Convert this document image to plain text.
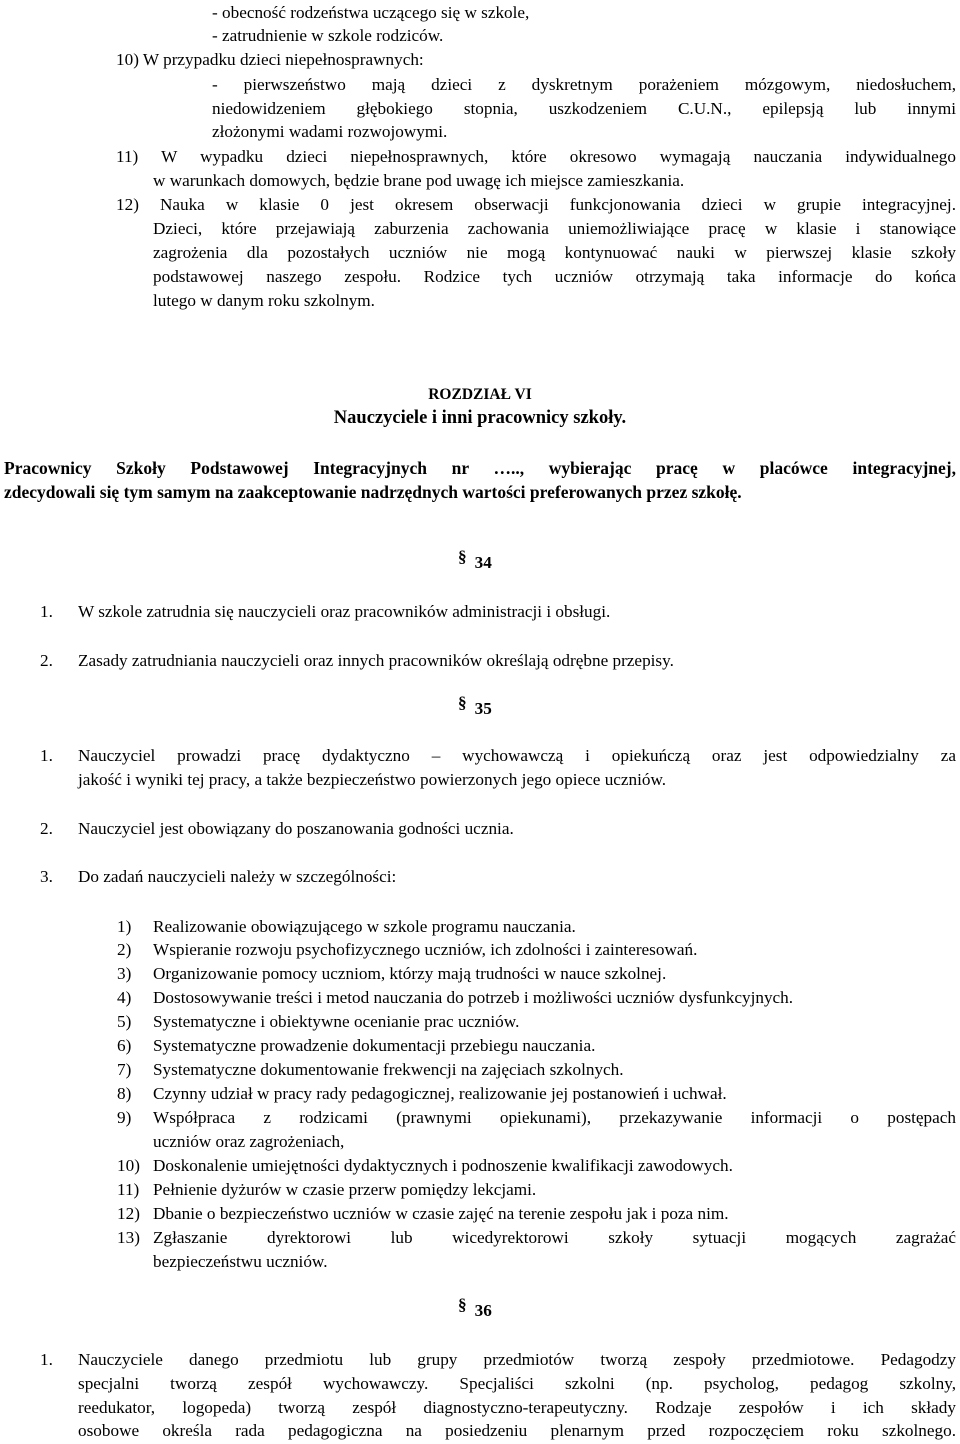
- obecność rodzeństwa uczącego się w szkole,
- zatrudnienie w szkole rodziców.
10) W przypadku dzieci niepełnosprawnych:
- pierwszeństwo mają dzieci z dyskretnym porażeniem mózgowym, niedosłuchem,
niedowidzeniem głębokiego stopnia, uszkodzeniem C.U.N., epilepsją lub innymi
złożonymi wadami rozwojowymi.
11) W wypadku dzieci niepełnosprawnych, które okresowo wymagają nauczania indywidualnego
w warunkach domowych, będzie brane pod uwagę ich miejsce zamieszkania.
12) Nauka w klasie 0 jest okresem obserwacji funkcjonowania dzieci w grupie integracyjnej.
Dzieci, które przejawiają zaburzenia zachowania uniemożliwiające pracę w klasie i stanowiące
zagrożenia dla pozostałych uczniów nie mogą kontynuować nauki w pierwszej klasie szkoły
podstawowej naszego zespołu. Rodzice tych uczniów otrzymają taka informacje do końca
lutego w danym roku szkolnym.
ROZDZIAŁ VI
Nauczyciele i inni pracownicy szkoły.
Pracownicy Szkoły Podstawowej Integracyjnych nr ….., wybierając pracę w placówce integracyjnej,
zdecydowali się tym samym na zaakceptowanie nadrzędnych wartości preferowanych przez szkołę.
§ 34
1. W szkole zatrudnia się nauczycieli oraz pracowników administracji i obsługi.
2. Zasady zatrudniania nauczycieli oraz innych pracowników określają odrębne przepisy.
§ 35
1. Nauczyciel prowadzi pracę dydaktyczno – wychowawczą i opiekuńczą oraz jest odpowiedzialny za
jakość i wyniki tej pracy, a także bezpieczeństwo powierzonych jego opiece uczniów.
2. Nauczyciel jest obowiązany do poszanowania godności ucznia.
3. Do zadań nauczycieli należy w szczególności:
1) Realizowanie obowiązującego w szkole programu nauczania.
2) Wspieranie rozwoju psychofizycznego uczniów, ich zdolności i zainteresowań.
3) Organizowanie pomocy uczniom, którzy mają trudności w nauce szkolnej.
4) Dostosowywanie treści i metod nauczania do potrzeb i możliwości uczniów dysfunkcyjnych.
5) Systematyczne i obiektywne ocenianie prac uczniów.
6) Systematyczne prowadzenie dokumentacji przebiegu nauczania.
7) Systematyczne dokumentowanie frekwencji na zajęciach szkolnych.
8) Czynny udział w pracy rady pedagogicznej, realizowanie jej postanowień i uchwał.
9) Współpraca z rodzicami (prawnymi opiekunami), przekazywanie informacji o postępach
uczniów oraz zagrożeniach,
10) Doskonalenie umiejętności dydaktycznych i podnoszenie kwalifikacji zawodowych.
11) Pełnienie dyżurów w czasie przerw pomiędzy lekcjami.
12) Dbanie o bezpieczeństwo uczniów w czasie zajęć na terenie zespołu jak i poza nim.
13) Zgłaszanie dyrektorowi lub wicedyrektorowi szkoły sytuacji mogących zagrażać
bezpieczeństwu uczniów.
§ 36
1. Nauczyciele danego przedmiotu lub grupy przedmiotów tworzą zespoły przedmiotowe. Pedagodzy
specjalni tworzą zespół wychowawczy. Specjaliści szkolni (np. psycholog, pedagog szkolny,
reedukator, logopeda) tworzą zespół diagnostyczno-terapeutyczny. Rodzaje zespołów i ich składy
osobowe określa rada pedagogiczna na posiedzeniu plenarnym przed rozpoczęciem roku szkolnego.
